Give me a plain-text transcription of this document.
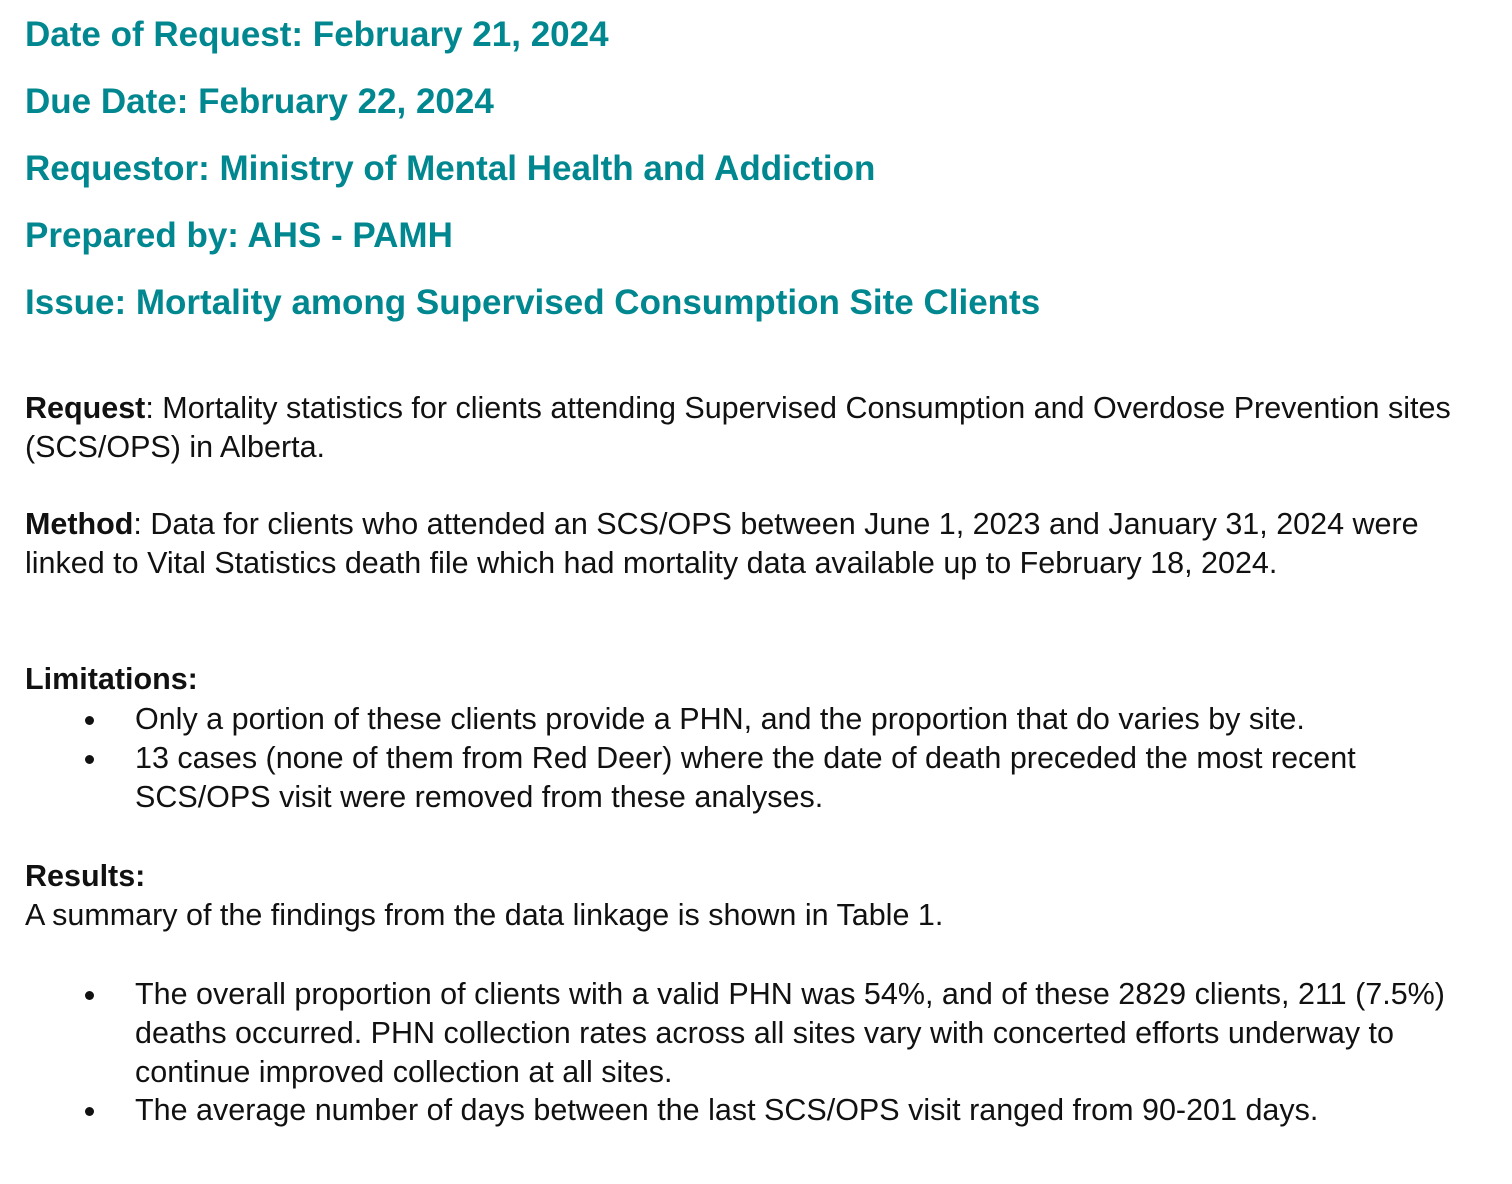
Date of Request: February 21, 2024
Due Date: February 22, 2024
Requestor: Ministry of Mental Health and Addiction
Prepared by: AHS - PAMH
Issue: Mortality among Supervised Consumption Site Clients
Request: Mortality statistics for clients attending Supervised Consumption and Overdose Prevention sites (SCS/OPS) in Alberta.
Method: Data for clients who attended an SCS/OPS between June 1, 2023 and January 31, 2024 were linked to Vital Statistics death file which had mortality data available up to February 18, 2024.
Limitations:
Only a portion of these clients provide a PHN, and the proportion that do varies by site.
13 cases (none of them from Red Deer) where the date of death preceded the most recent SCS/OPS visit were removed from these analyses.
Results:
A summary of the findings from the data linkage is shown in Table 1.
The overall proportion of clients with a valid PHN was 54%, and of these 2829 clients, 211 (7.5%) deaths occurred. PHN collection rates across all sites vary with concerted efforts underway to continue improved collection at all sites.
The average number of days between the last SCS/OPS visit ranged from 90-201 days.
